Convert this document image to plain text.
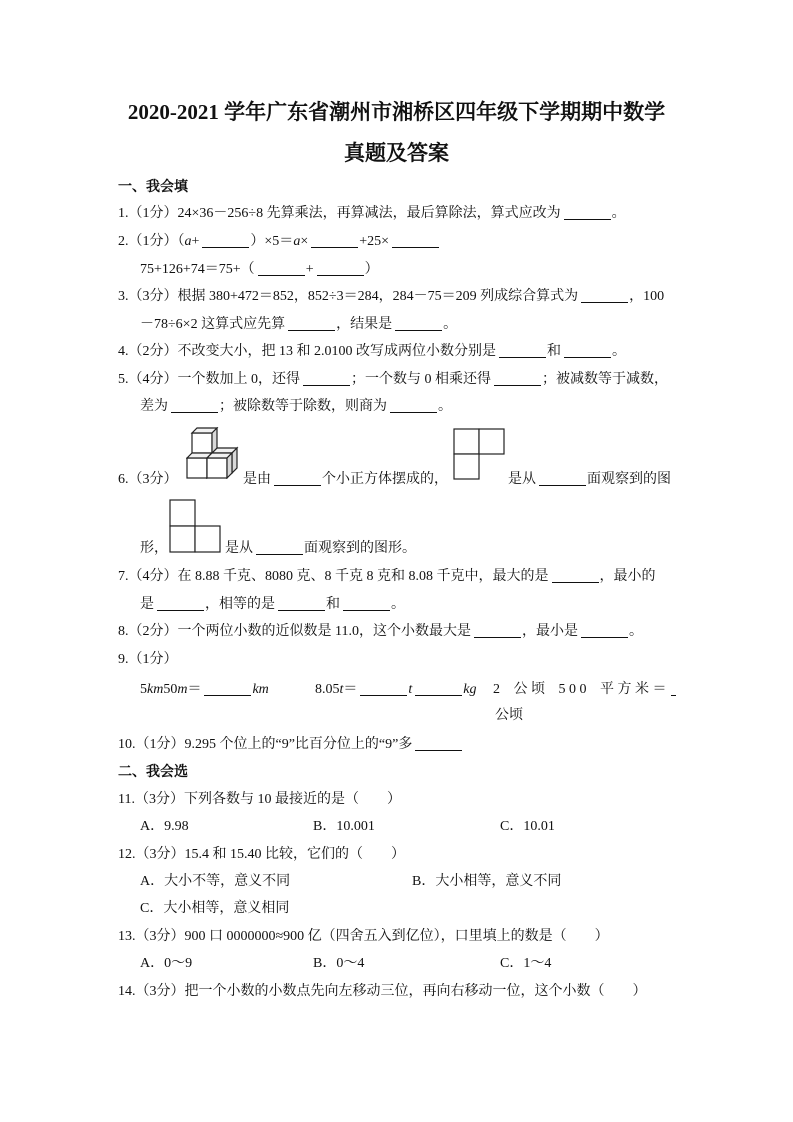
2020-2021 学年广东省潮州市湘桥区四年级下学期期中数学
真题及答案
一、我会填
1.（1分）24×36－256÷8 先算乘法，再算减法，最后算除法，算式应改为	。
2.（1分）（a+	）×5＝a×	+25×
75+126+74＝75+（	+	）
3.（3分）根据 380+472＝852，852÷3＝284，284－75＝209 列成综合算式为	，100
－78÷6×2 这算式应先算	，结果是	。
4.（2分）不改变大小，把 13 和 2.0100 改写成两位小数分别是	和	。
5.（4分）一个数加上 0，还得	；一个数与 0 相乘还得	；被减数等于减数，
差为	；被除数等于除数，则商为	。
6.（3分）	是由	个小正方体摆成的，	是从	面观察到的图
形，	是从	面观察到的图形。
7.（4分）在 8.88 千克、8080 克、8 千克 8 克和 8.08 千克中，最大的是	，最小的
是	，相等的是	和	。
8.（2分）一个两位小数的近似数是 11.0，这个小数最大是	，最小是	。
9.（1分）
5km50m＝	km	8.05t＝	t	kg 2 公顷 500 平方米＝
公顷
10.（1分）9.295 个位上的“9”比百分位上的“9”多
二、我会选
11.（3分）下列各数与 10 最接近的是（　　）
A．9.98	B．10.001	C．10.01
12.（3分）15.4 和 15.40 比较，它们的（　　）
A．大小不等，意义不同	B．大小相等，意义不同
C．大小相等，意义相同
13.（3分）900 口 0000000≈900 亿（四舍五入到亿位），口里填上的数是（　　）
A．0～9	B．0～4	C．1～4
14.（3分）把一个小数的小数点先向左移动三位，再向右移动一位，这个小数（　　）
